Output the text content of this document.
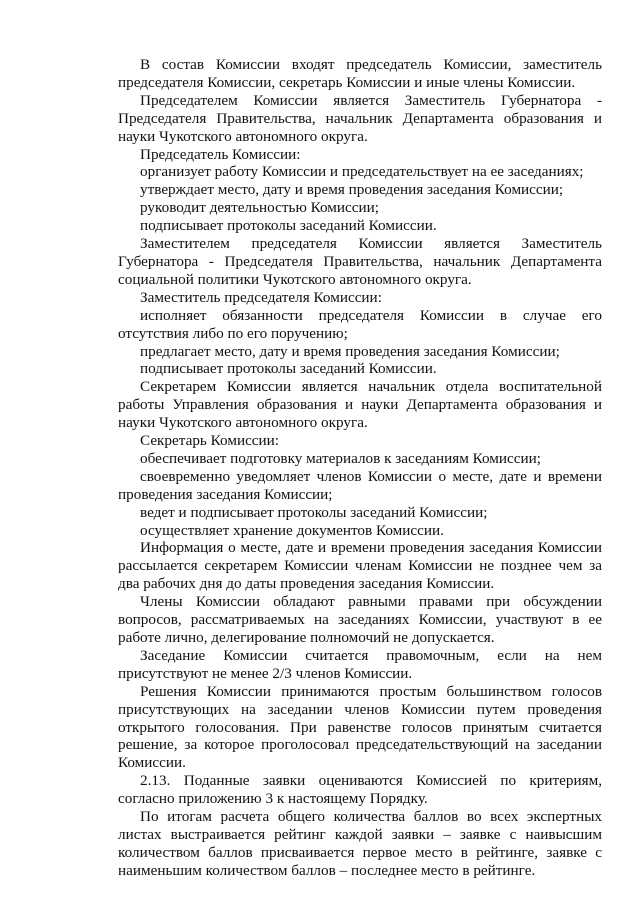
В состав Комиссии входят председатель Комиссии, заместитель председателя Комиссии, секретарь Комиссии и иные члены Комиссии.

Председателем Комиссии является Заместитель Губернатора - Председателя Правительства, начальник Департамента образования и науки Чукотского автономного округа.

Председатель Комиссии:

организует работу Комиссии и председательствует на ее заседаниях;

утверждает место, дату и время проведения заседания Комиссии;

руководит деятельностью Комиссии;

подписывает протоколы заседаний Комиссии.

Заместителем председателя Комиссии является Заместитель Губернатора - Председателя Правительства, начальник Департамента социальной политики Чукотского автономного округа.

Заместитель председателя Комиссии:

исполняет обязанности председателя Комиссии в случае его отсутствия либо по его поручению;

предлагает место, дату и время проведения заседания Комиссии;

подписывает протоколы заседаний Комиссии.

Секретарем Комиссии является начальник отдела воспитательной работы Управления образования и науки Департамента образования и науки Чукотского автономного округа.

Секретарь Комиссии:

обеспечивает подготовку материалов к заседаниям Комиссии;

своевременно уведомляет членов Комиссии о месте, дате и времени проведения заседания Комиссии;

ведет и подписывает протоколы заседаний Комиссии;

осуществляет хранение документов Комиссии.

Информация о месте, дате и времени проведения заседания Комиссии рассылается секретарем Комиссии членам Комиссии не позднее чем за два рабочих дня до даты проведения заседания Комиссии.

Члены Комиссии обладают равными правами при обсуждении вопросов, рассматриваемых на заседаниях Комиссии, участвуют в ее работе лично, делегирование полномочий не допускается.

Заседание Комиссии считается правомочным, если на нем присутствуют не менее 2/3 членов Комиссии.

Решения Комиссии принимаются простым большинством голосов присутствующих на заседании членов Комиссии путем проведения открытого голосования. При равенстве голосов принятым считается решение, за которое проголосовал председательствующий на заседании Комиссии.

2.13. Поданные заявки оцениваются Комиссией по критериям, согласно приложению 3 к настоящему Порядку.

По итогам расчета общего количества баллов во всех экспертных листах выстраивается рейтинг каждой заявки – заявке с наивысшим количеством баллов присваивается первое место в рейтинге, заявке с наименьшим количеством баллов – последнее место в рейтинге.
